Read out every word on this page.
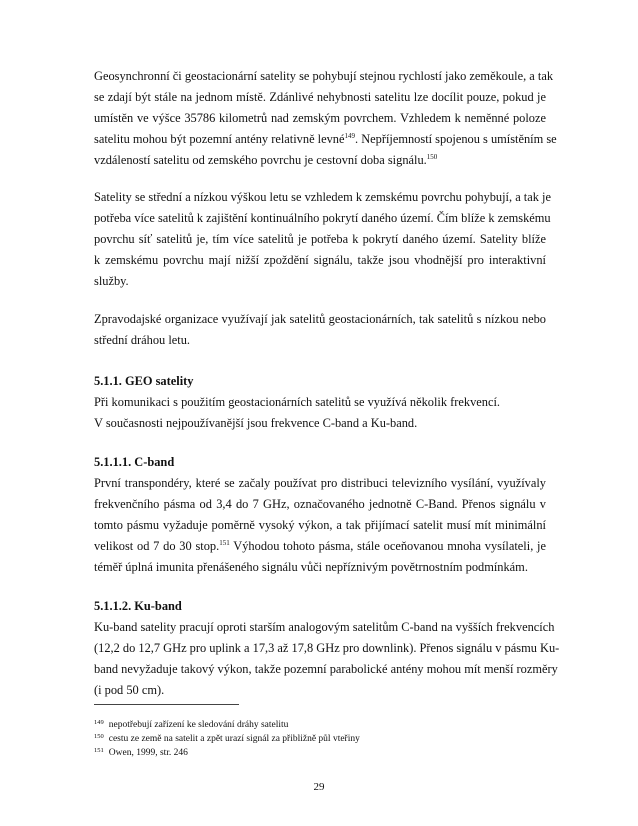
Geosynchronní či geostacionární satelity se pohybují stejnou rychlostí jako zeměkoule, a tak
se zdají být stále na jednom místě. Zdánlivé nehybnosti satelitu lze docílit pouze, pokud je
umístěn ve výšce 35786 kilometrů nad zemským povrchem. Vzhledem k neměnné poloze
satelitu mohou být pozemní antény relativně levné$^{149}$. Nepříjemností spojenou s umístěním se
vzdáleností satelitu od zemského povrchu je cestovní doba signálu.$^{150}$
Satelity se střední a nízkou výškou letu se vzhledem k zemskému povrchu pohybují, a tak je
potřeba více satelitů k zajištění kontinuálního pokrytí daného území. Čím blíže k zemskému
povrchu síť satelitů je, tím více satelitů je potřeba k pokrytí daného území. Satelity blíže
k zemskému povrchu mají nižší zpoždění signálu, takže jsou vhodnější pro interaktivní
služby.
Zpravodajské organizace využívají jak satelitů geostacionárních, tak satelitů s nízkou nebo
střední dráhou letu.
5.1.1. GEO satelity
Při komunikaci s použitím geostacionárních satelitů se využívá několik frekvencí.
V současnosti nejpoužívanější jsou frekvence C-band a Ku-band.
5.1.1.1. C-band
První transpondéry, které se začaly používat pro distribuci televizního vysílání, využívaly
frekvenčního pásma od 3,4 do 7 GHz, označovaného jednotně C-Band. Přenos signálu v
tomto pásmu vyžaduje poměrně vysoký výkon, a tak přijímací satelit musí mít minimální
velikost od 7 do 30 stop.$^{151}$ Výhodou tohoto pásma, stále oceňovanou mnoha vysílateli, je
téměř úplná imunita přenášeného signálu vůči nepříznivým povětrnostním podmínkám.
5.1.1.2. Ku-band
Ku-band satelity pracují oproti starším analogovým satelitům C-band na vyšších frekvencích
(12,2 do 12,7 GHz pro uplink a 17,3 až 17,8 GHz pro downlink). Přenos signálu v pásmu Ku-
band nevyžaduje takový výkon, takže pozemní parabolické antény mohou mít menší rozměry
(i pod 50 cm).
$^{149}$ nepotřebují zařízení ke sledování dráhy satelitu
$^{150}$ cestu ze země na satelit a zpět urazí signál za přibližně půl vteřiny
$^{151}$ Owen, 1999, str. 246
29
